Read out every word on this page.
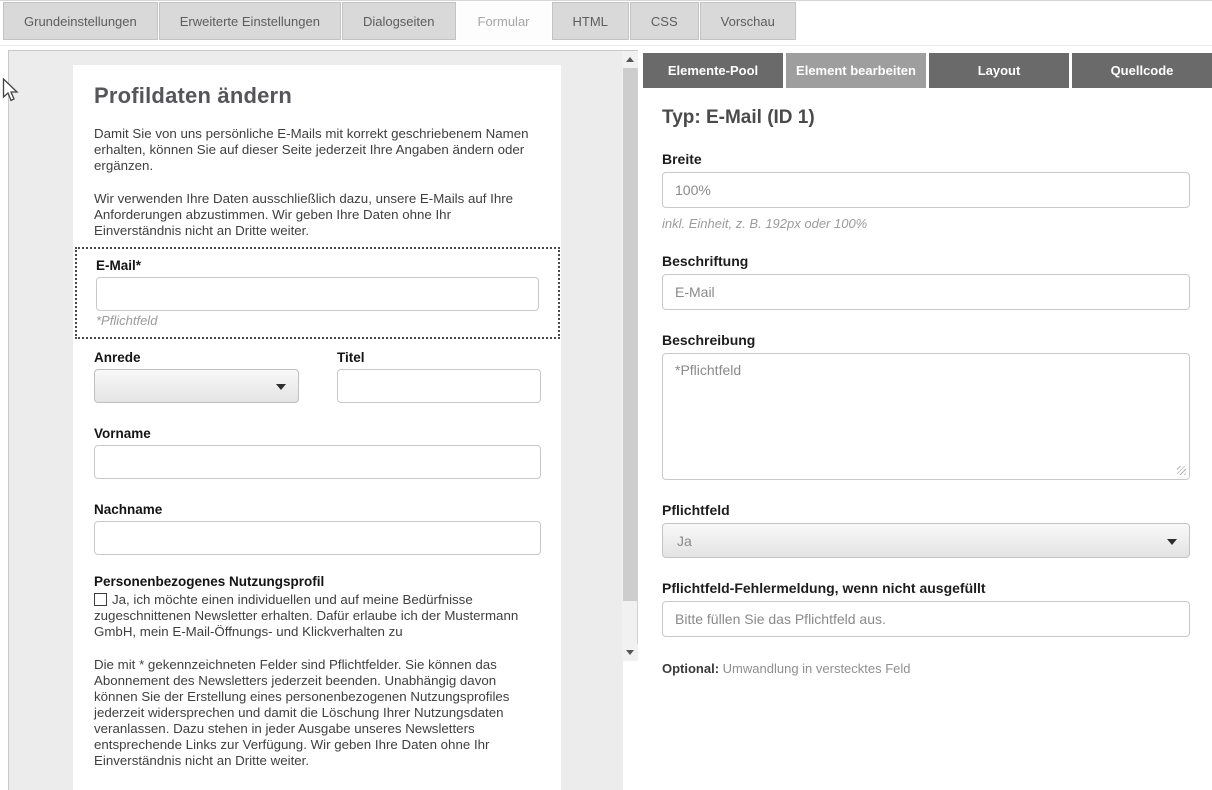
Grundeinstellungen	Erweiterte Einstellungen	Dialogseiten	Formular	HTML	CSS	Vorschau
Profildaten ändern

Damit Sie von uns persönliche E-Mails mit korrekt geschriebenem Namen erhalten, können Sie auf dieser Seite jederzeit Ihre Angaben ändern oder ergänzen.

Wir verwenden Ihre Daten ausschließlich dazu, unsere E-Mails auf Ihre Anforderungen abzustimmen. Wir geben Ihre Daten ohne Ihr Einverständnis nicht an Dritte weiter.

E-Mail*
*Pflichtfeld
Anrede	Titel
Vorname
Nachname
Personenbezogenes Nutzungsprofil

Ja, ich möchte einen individuellen und auf meine Bedürfnisse zugeschnittenen Newsletter erhalten. Dafür erlaube ich der Mustermann GmbH, mein E-Mail-Öffnungs- und Klickverhalten zu

Die mit * gekennzeichneten Felder sind Pflichtfelder. Sie können das Abonnement des Newsletters jederzeit beenden. Unabhängig davon können Sie der Erstellung eines personenbezogenen Nutzungsprofiles jederzeit widersprechen und damit die Löschung Ihrer Nutzungsdaten veranlassen. Dazu stehen in jeder Ausgabe unseres Newsletters entsprechende Links zur Verfügung. Wir geben Ihre Daten ohne Ihr Einverständnis nicht an Dritte weiter.

Elemente-Pool	Element bearbeiten	Layout	Quellcode
Typ: E-Mail (ID 1)
Breite
100%
inkl. Einheit, z. B. 192px oder 100%
Beschriftung
E-Mail
Beschreibung
*Pflichtfeld
Pflichtfeld
Ja
Pflichtfeld-Fehlermeldung, wenn nicht ausgefüllt
Bitte füllen Sie das Pflichtfeld aus.
Optional: Umwandlung in verstecktes Feld
